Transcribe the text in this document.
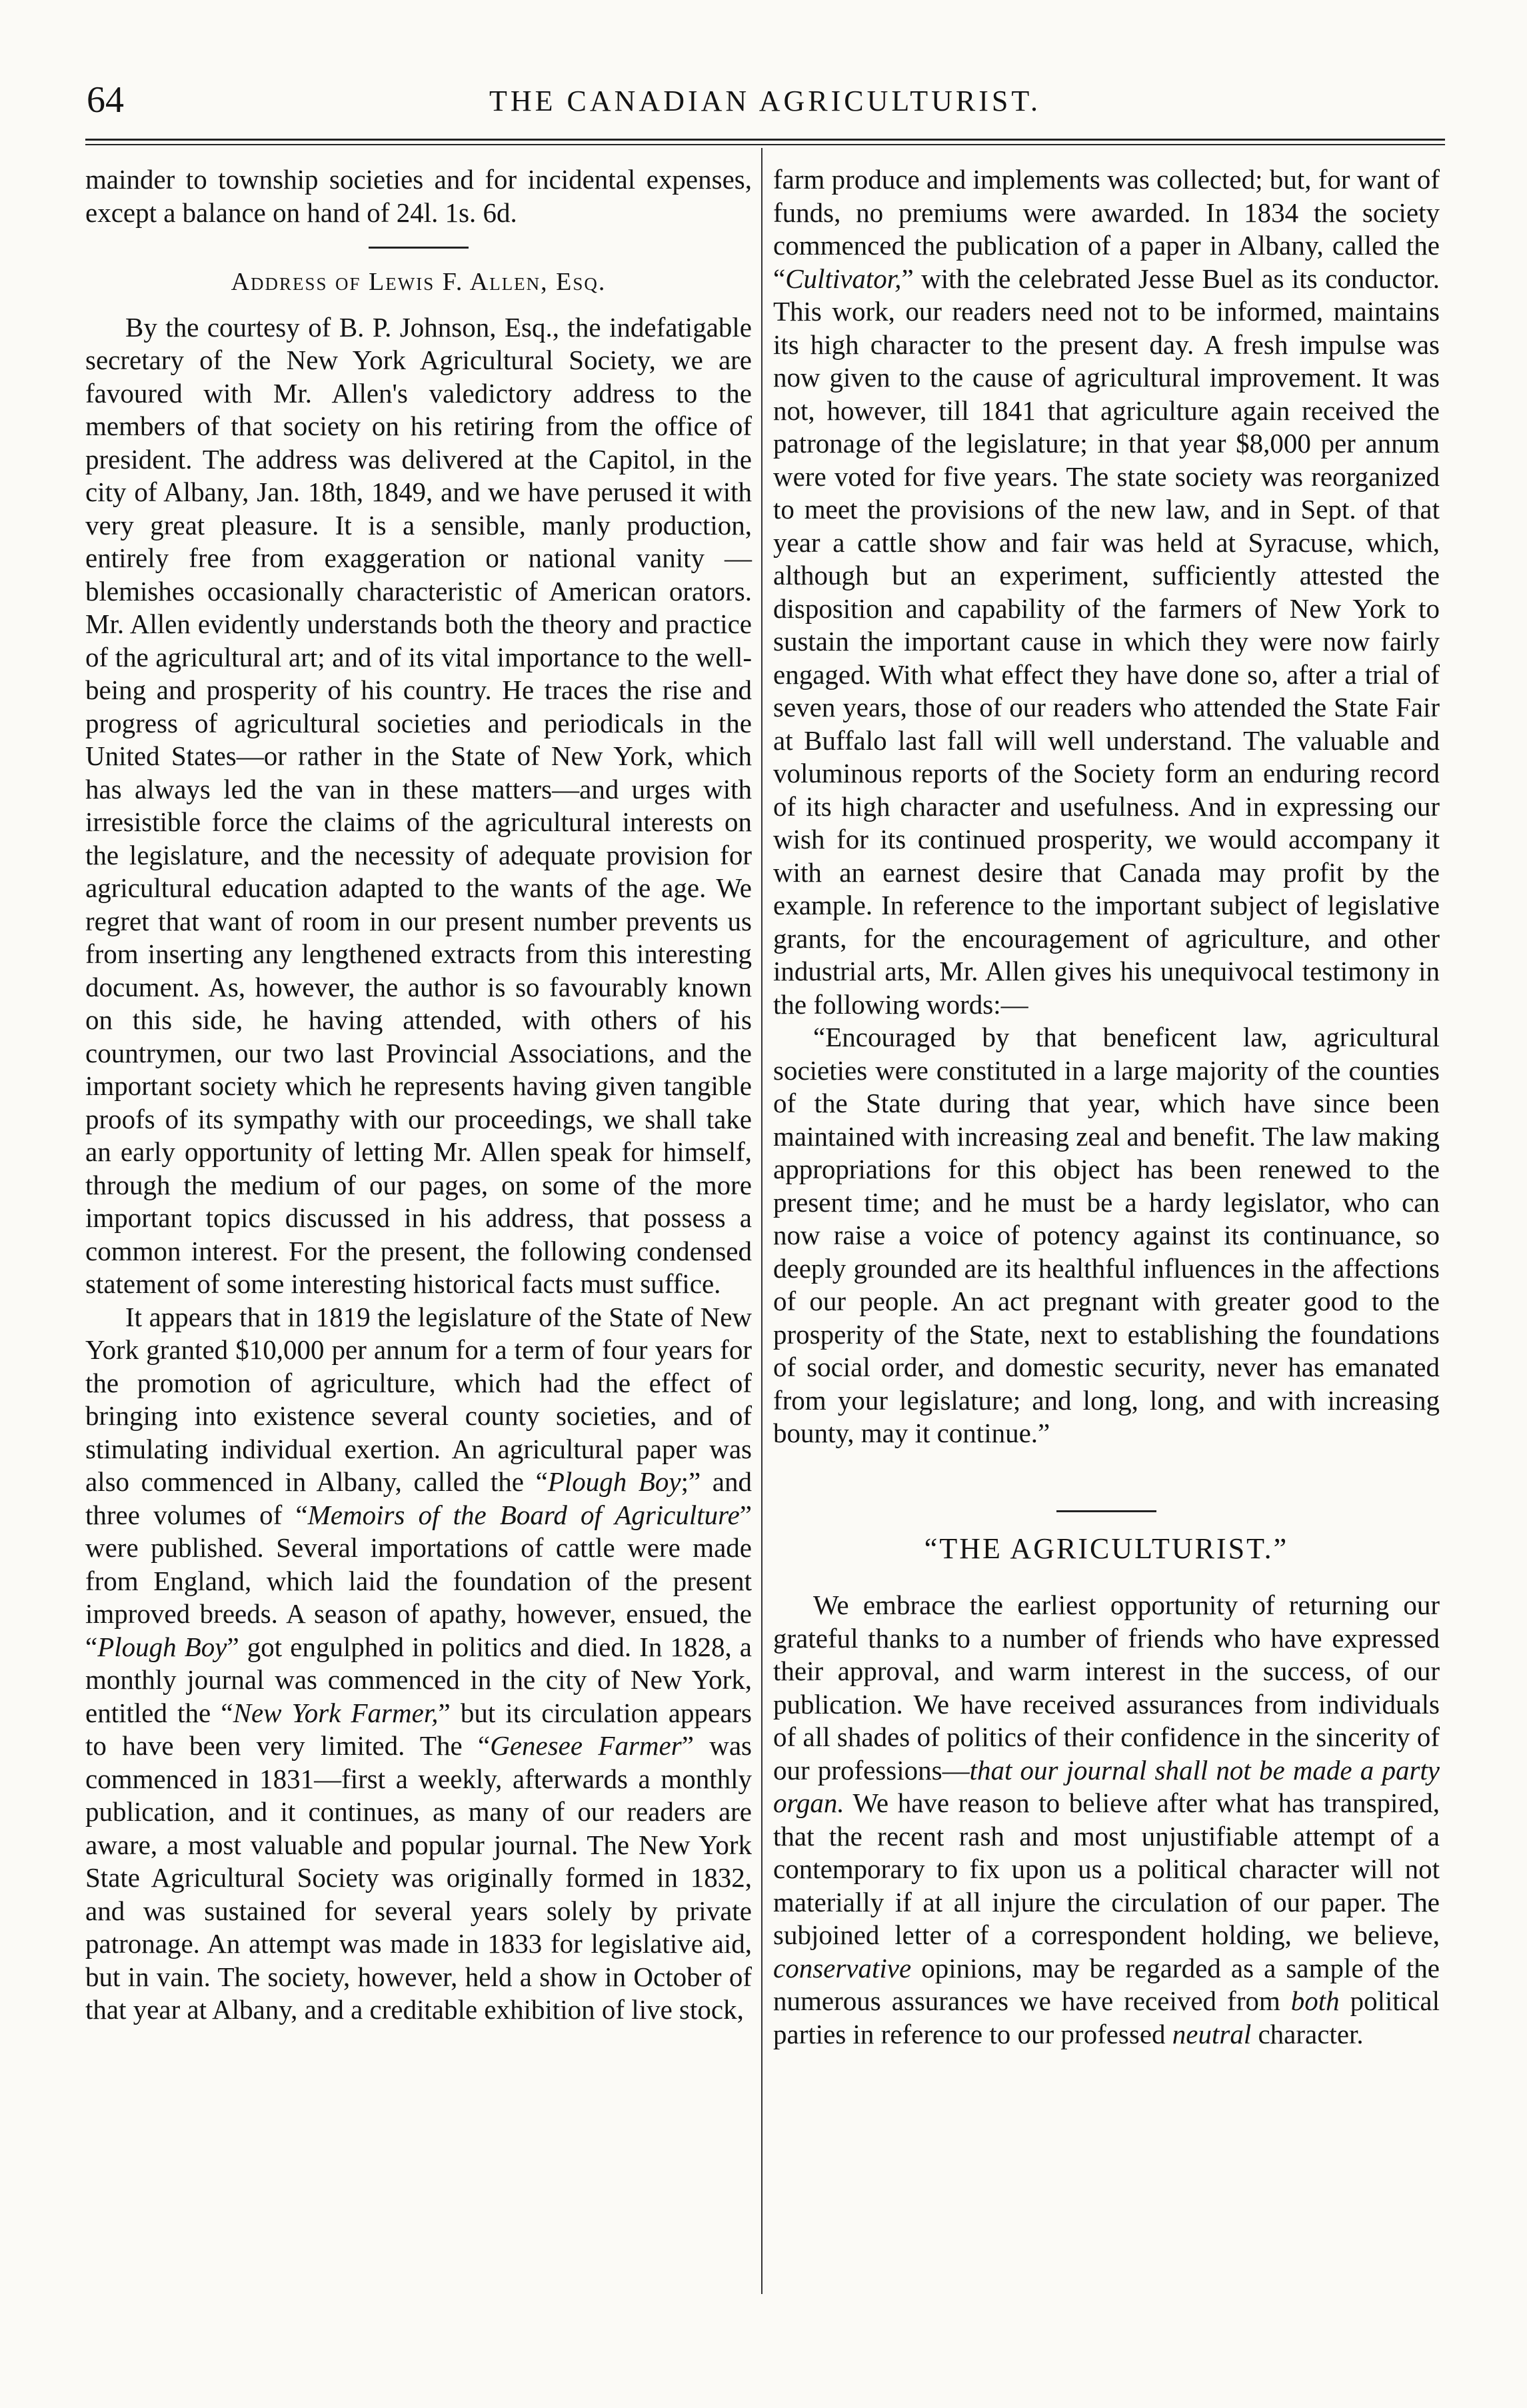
64	THE CANADIAN AGRICULTURIST.

mainder to township societies and for incidental expenses, except a balance on hand of 24l. 1s. 6d.

Address of Lewis F. Allen, Esq.

By the courtesy of B. P. Johnson, Esq., the indefatigable secretary of the New York Agricultural Society, we are favoured with Mr. Allen's valedictory address to the members of that society on his retiring from the office of president. The address was delivered at the Capitol, in the city of Albany, Jan. 18th, 1849, and we have perused it with very great pleasure. It is a sensible, manly production, entirely free from exaggeration or national vanity —blemishes occasionally characteristic of American orators. Mr. Allen evidently understands both the theory and practice of the agricultural art; and of its vital importance to the well-being and prosperity of his country. He traces the rise and progress of agricultural societies and periodicals in the United States—or rather in the State of New York, which has always led the van in these matters—and urges with irresistible force the claims of the agricultural interests on the legislature, and the necessity of adequate provision for agricultural education adapted to the wants of the age. We regret that want of room in our present number prevents us from inserting any lengthened extracts from this interesting document. As, however, the author is so favourably known on this side, he having attended, with others of his countrymen, our two last Provincial Associations, and the important society which he represents having given tangible proofs of its sympathy with our proceedings, we shall take an early opportunity of letting Mr. Allen speak for himself, through the medium of our pages, on some of the more important topics discussed in his address, that possess a common interest. For the present, the following condensed statement of some interesting historical facts must suffice.

It appears that in 1819 the legislature of the State of New York granted $10,000 per annum for a term of four years for the promotion of agriculture, which had the effect of bringing into existence several county societies, and of stimulating individual exertion. An agricultural paper was also commenced in Albany, called the “Plough Boy;” and three volumes of “Memoirs of the Board of Agriculture” were published. Several importations of cattle were made from England, which laid the foundation of the present improved breeds. A season of apathy, however, ensued, the “Plough Boy” got engulphed in politics and died. In 1828, a monthly journal was commenced in the city of New York, entitled the “New York Farmer,” but its circulation appears to have been very limited. The “Genesee Farmer” was commenced in 1831—first a weekly, afterwards a monthly publication, and it continues, as many of our readers are aware, a most valuable and popular journal. The New York State Agricultural Society was originally formed in 1832, and was sustained for several years solely by private patronage. An attempt was made in 1833 for legislative aid, but in vain. The society, however, held a show in October of that year at Albany, and a creditable exhibition of live stock,

farm produce and implements was collected; but, for want of funds, no premiums were awarded. In 1834 the society commenced the publication of a paper in Albany, called the “Cultivator,” with the celebrated Jesse Buel as its conductor. This work, our readers need not to be informed, maintains its high character to the present day. A fresh impulse was now given to the cause of agricultural improvement. It was not, however, till 1841 that agriculture again received the patronage of the legislature; in that year $8,000 per annum were voted for five years. The state society was reorganized to meet the provisions of the new law, and in Sept. of that year a cattle show and fair was held at Syracuse, which, although but an experiment, sufficiently attested the disposition and capability of the farmers of New York to sustain the important cause in which they were now fairly engaged. With what effect they have done so, after a trial of seven years, those of our readers who attended the State Fair at Buffalo last fall will well understand. The valuable and voluminous reports of the Society form an enduring record of its high character and usefulness. And in expressing our wish for its continued prosperity, we would accompany it with an earnest desire that Canada may profit by the example. In reference to the important subject of legislative grants, for the encouragement of agriculture, and other industrial arts, Mr. Allen gives his unequivocal testimony in the following words:—

“Encouraged by that beneficent law, agricultural societies were constituted in a large majority of the counties of the State during that year, which have since been maintained with increasing zeal and benefit. The law making appropriations for this object has been renewed to the present time; and he must be a hardy legislator, who can now raise a voice of potency against its continuance, so deeply grounded are its healthful influences in the affections of our people. An act pregnant with greater good to the prosperity of the State, next to establishing the foundations of social order, and domestic security, never has emanated from your legislature; and long, long, and with increasing bounty, may it continue.”

“THE AGRICULTURIST.”

We embrace the earliest opportunity of returning our grateful thanks to a number of friends who have expressed their approval, and warm interest in the success, of our publication. We have received assurances from individuals of all shades of politics of their confidence in the sincerity of our professions—that our journal shall not be made a party organ. We have reason to believe after what has transpired, that the recent rash and most unjustifiable attempt of a contemporary to fix upon us a political character will not materially if at all injure the circulation of our paper. The subjoined letter of a correspondent holding, we believe, conservative opinions, may be regarded as a sample of the numerous assurances we have received from both political parties in reference to our professed neutral character.
